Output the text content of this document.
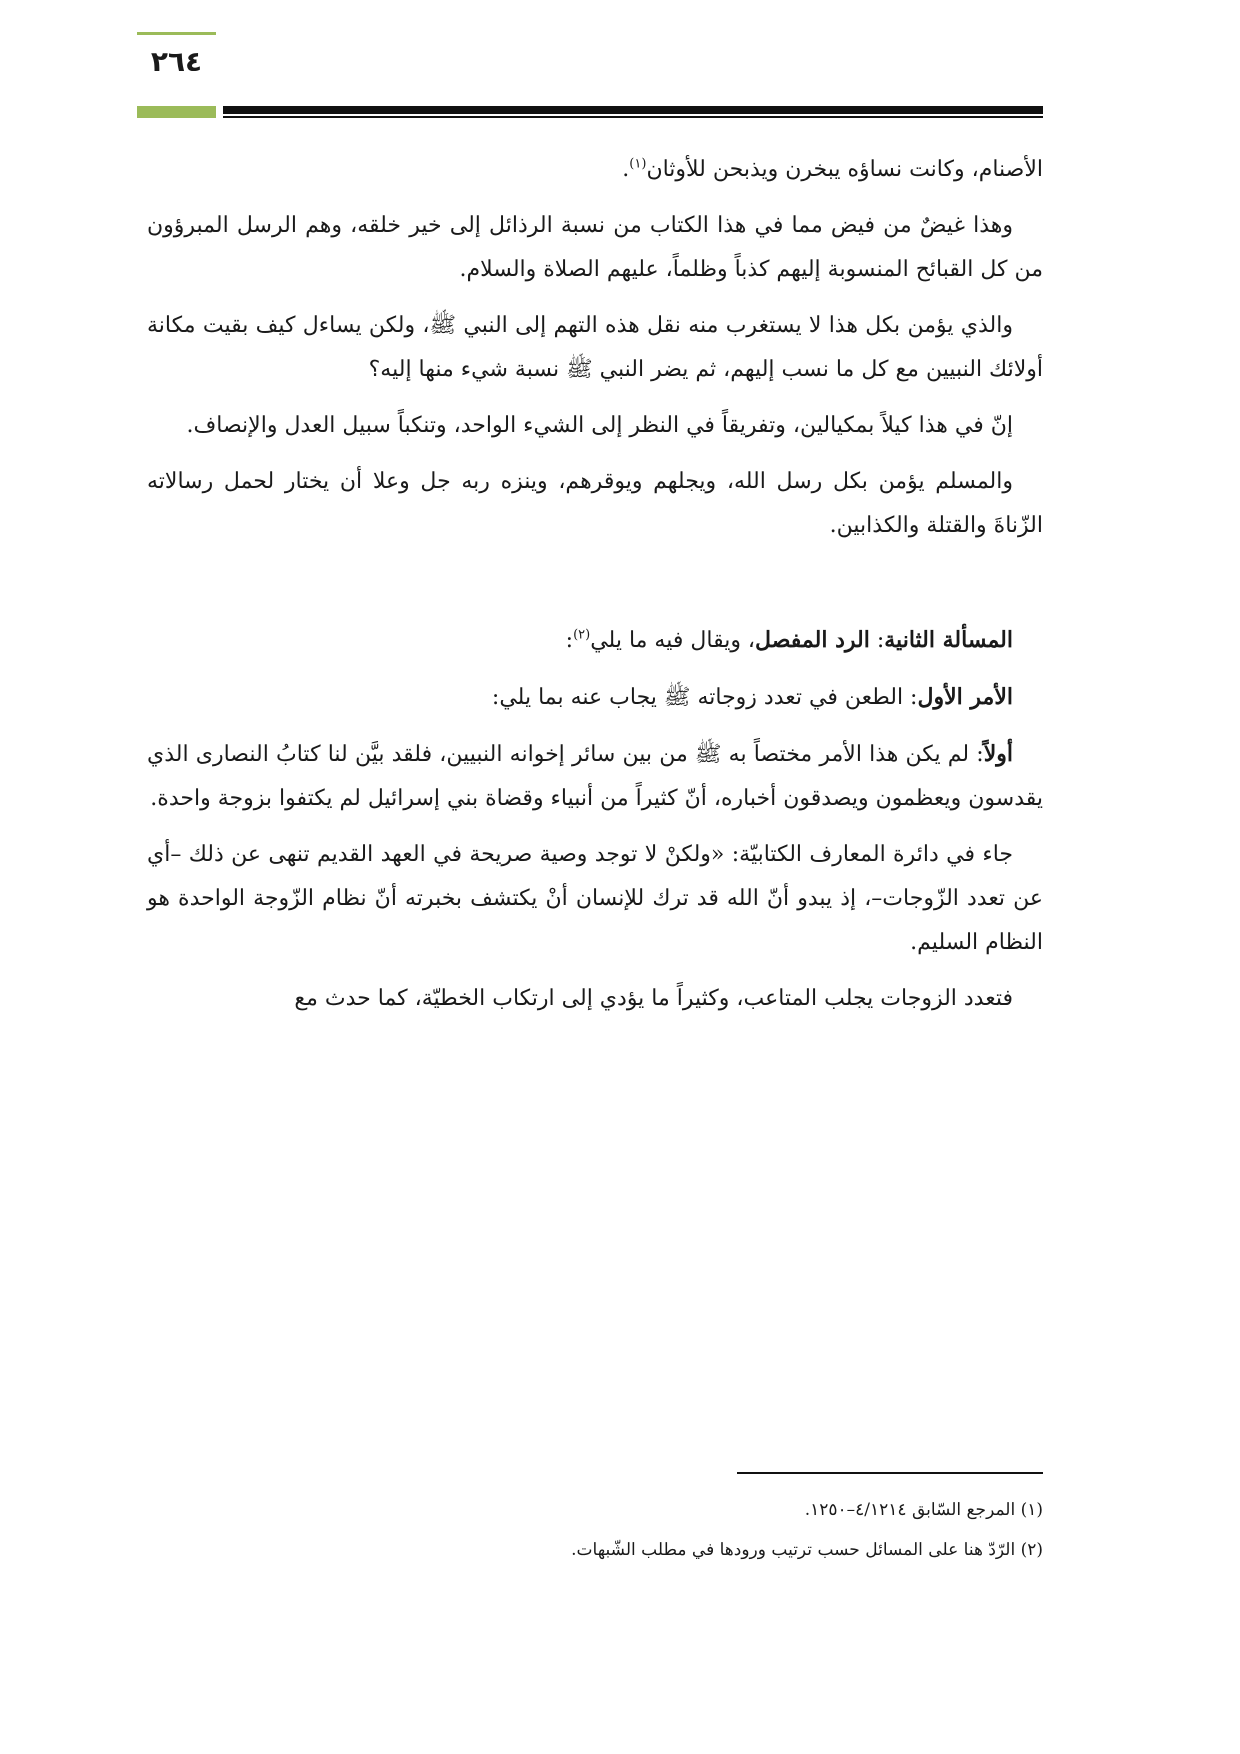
٢٦٤

الأصنام، وكانت نساؤه يبخرن ويذبحن للأوثان$^{(١)}$.

وهذا غيضٌ من فيض مما في هذا الكتاب من نسبة الرذائل إلى خير خلقه، وهم الرسل المبرؤون من كل القبائح المنسوبة إليهم كذباً وظلماً، عليهم الصلاة والسلام.

والذي يؤمن بكل هذا لا يستغرب منه نقل هذه التهم إلى النبي ﷺ، ولكن يساءل كيف بقيت مكانة أولائك النبيين مع كل ما نسب إليهم، ثم يضر النبي ﷺ نسبة شيء منها إليه؟

إنّ في هذا كيلاً بمكيالين، وتفريقاً في النظر إلى الشيء الواحد، وتنكباً سبيل العدل والإنصاف.

والمسلم يؤمن بكل رسل الله، ويجلهم ويوقرهم، وينزه ربه جل وعلا أن يختار لحمل رسالاته الزّناةَ والقتلة والكذابين.

المسألة الثانية: الرد المفصل، ويقال فيه ما يلي$^{(٢)}$:

الأمر الأول: الطعن في تعدد زوجاته ﷺ يجاب عنه بما يلي:

أولاً: لم يكن هذا الأمر مختصاً به ﷺ من بين سائر إخوانه النبيين، فلقد بيَّن لنا كتابُ النصارى الذي يقدسون ويعظمون ويصدقون أخباره، أنّ كثيراً من أنبياء وقضاة بني إسرائيل لم يكتفوا بزوجة واحدة.

جاء في دائرة المعارف الكتابيّة: «ولكنْ لا توجد وصية صريحة في العهد القديم تنهى عن ذلك –أي عن تعدد الزّوجات–، إذ يبدو أنّ الله قد ترك للإنسان أنْ يكتشف بخبرته أنّ نظام الزّوجة الواحدة هو النظام السليم.

فتعدد الزوجات يجلب المتاعب، وكثيراً ما يؤدي إلى ارتكاب الخطيّة، كما حدث مع

(١) المرجع السّابق ٤/١٢١٤–١٢٥٠.

(٢) الرّدّ هنا على المسائل حسب ترتيب ورودها في مطلب الشّبهات.
